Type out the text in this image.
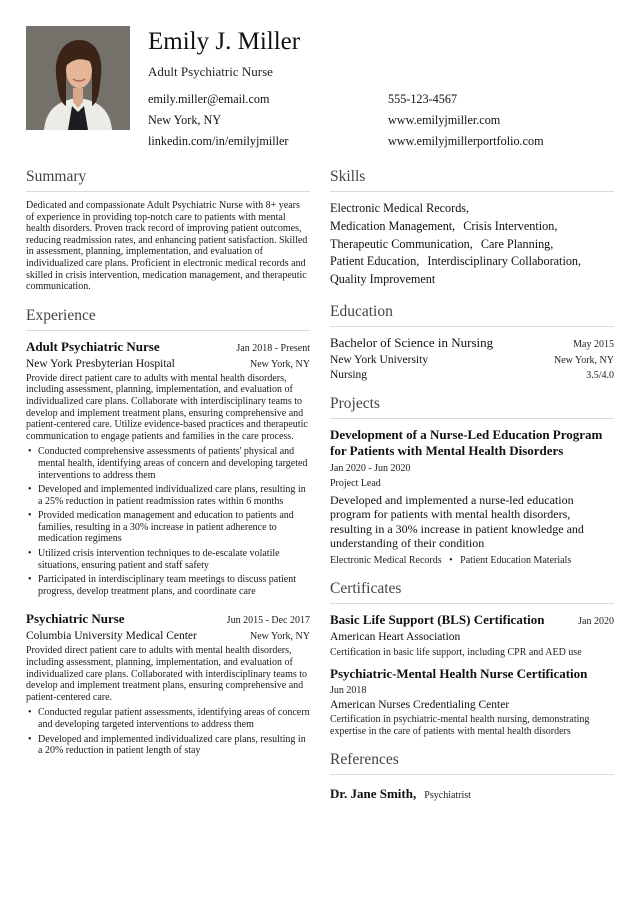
Emily J. Miller
Adult Psychiatric Nurse
emily.miller@email.com	555-123-4567
New York, NY	www.emilyjmiller.com
linkedin.com/in/emilyjmiller	www.emilyjmillerportfolio.com
Summary
Dedicated and compassionate Adult Psychiatric Nurse with 8+ years of experience in providing top-notch care to patients with mental health disorders. Proven track record of improving patient outcomes, reducing readmission rates, and enhancing patient satisfaction. Skilled in assessment, planning, implementation, and evaluation of individualized care plans. Proficient in electronic medical records and skilled in crisis intervention, medication management, and therapeutic communication.
Experience
Adult Psychiatric Nurse	Jan 2018 - Present
New York Presbyterian Hospital	New York, NY
Provide direct patient care to adults with mental health disorders, including assessment, planning, implementation, and evaluation of individualized care plans. Collaborate with interdisciplinary teams to develop and implement treatment plans, ensuring comprehensive and patient-centered care. Utilize evidence-based practices and therapeutic communication to engage patients and families in the care process.
• Conducted comprehensive assessments of patients' physical and mental health, identifying areas of concern and developing targeted interventions to address them
• Developed and implemented individualized care plans, resulting in a 25% reduction in patient readmission rates within 6 months
• Provided medication management and education to patients and families, resulting in a 30% increase in patient adherence to medication regimens
• Utilized crisis intervention techniques to de-escalate volatile situations, ensuring patient and staff safety
• Participated in interdisciplinary team meetings to discuss patient progress, develop treatment plans, and coordinate care
Psychiatric Nurse	Jun 2015 - Dec 2017
Columbia University Medical Center	New York, NY
Provided direct patient care to adults with mental health disorders, including assessment, planning, implementation, and evaluation of individualized care plans. Collaborated with interdisciplinary teams to develop and implement treatment plans, ensuring comprehensive and patient-centered care.
• Conducted regular patient assessments, identifying areas of concern and developing targeted interventions to address them
• Developed and implemented individualized care plans, resulting in a 20% reduction in patient length of stay
Skills
Electronic Medical Records,
Medication Management, Crisis Intervention,
Therapeutic Communication, Care Planning,
Patient Education, Interdisciplinary Collaboration,
Quality Improvement
Education
Bachelor of Science in Nursing	May 2015
New York University	New York, NY
Nursing	3.5/4.0
Projects
Development of a Nurse-Led Education Program for Patients with Mental Health Disorders
Jan 2020 - Jun 2020
Project Lead
Developed and implemented a nurse-led education program for patients with mental health disorders, resulting in a 30% increase in patient knowledge and understanding of their condition
Electronic Medical Records • Patient Education Materials
Certificates
Basic Life Support (BLS) Certification	Jan 2020
American Heart Association
Certification in basic life support, including CPR and AED use
Psychiatric-Mental Health Nurse Certification
Jun 2018
American Nurses Credentialing Center
Certification in psychiatric-mental health nursing, demonstrating expertise in the care of patients with mental health disorders
References
Dr. Jane Smith, Psychiatrist
